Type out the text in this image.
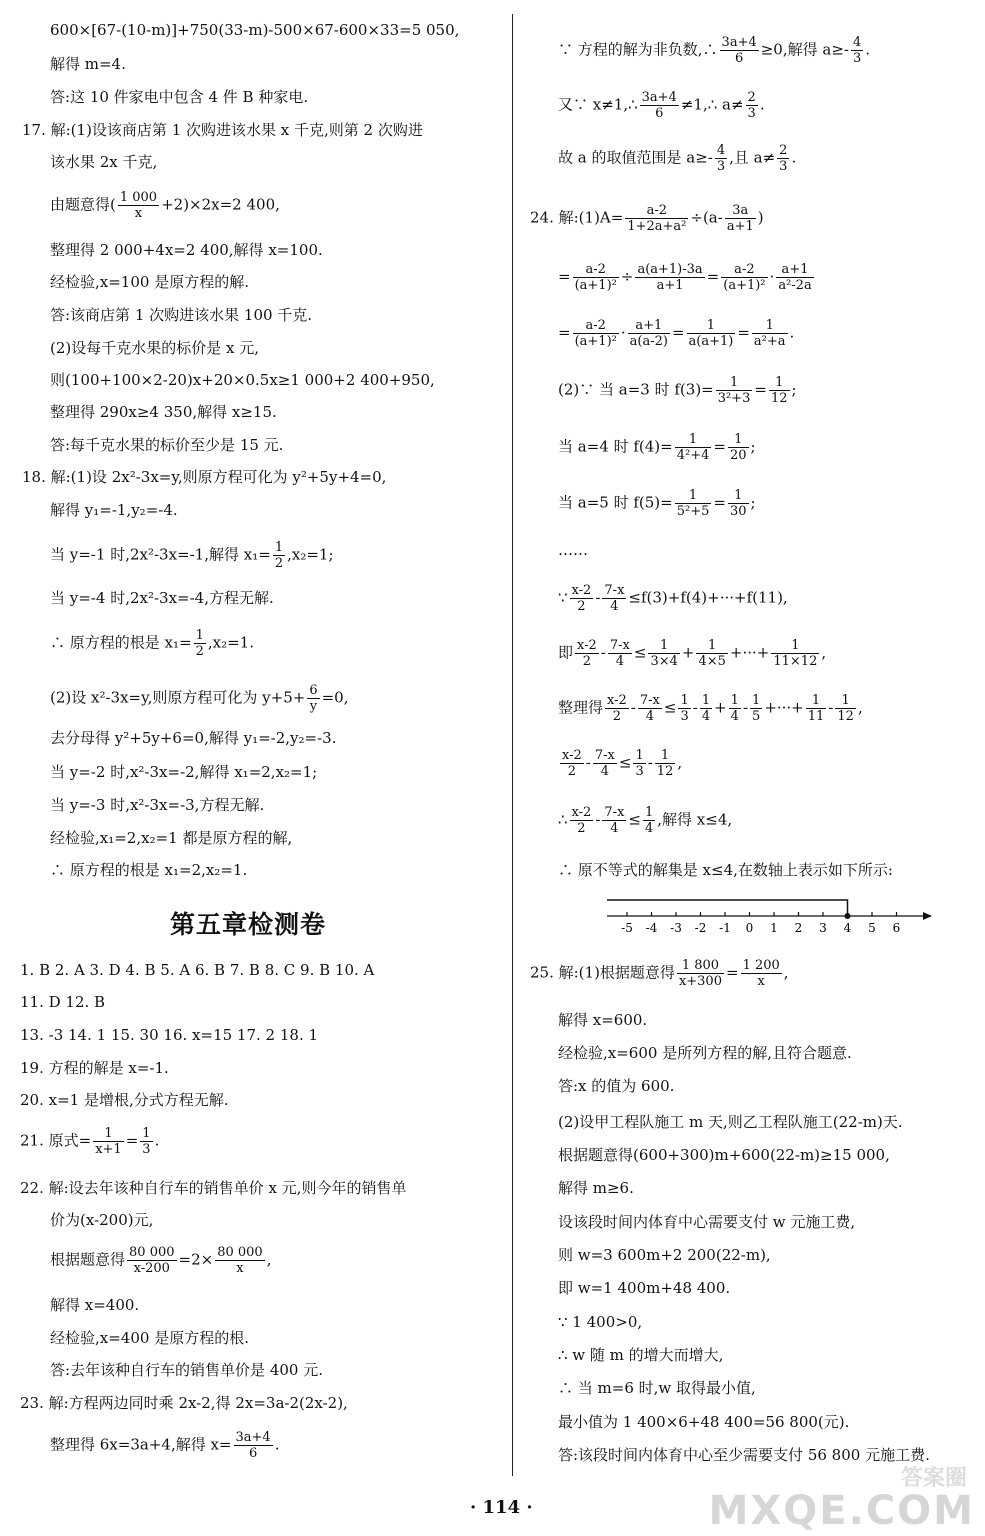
600×[67-(10-m)]+750(33-m)-500×67-600×33=5 050,
解得 m=4.
答:这 10 件家电中包含 4 件 B 种家电.
17. 解:(1)设该商店第 1 次购进该水果 x 千克,则第 2 次购进
该水果 2x 千克,
由题意得( $\frac{1 000}{x} +2)\times 2x=2$ 400,
整理得 2 000+4x=2 400,解得 x=100.
经检验,x=100 是原方程的解.
答:该商店第 1 次购进该水果 100 千克.
(2)设每千克水果的标价是 x 元,
则(100+100×2-20)x+20×0.5x≥1 000+2 400+950,
整理得 290x≥4 350,解得 x≥15.
答:每千克水果的标价至少是 15 元.
18. 解:(1)设 2x²-3x=y,则原方程可化为 y²+5y+4=0,
解得 y₁=-1,y₂=-4.
当 y=-1 时,2x²-3x=-1,解得 $x_1= \frac{1}{2} ,x_2=1$;
当 y=-4 时,2x²-3x=-4,方程无解.
∴ 原方程的根是 $x_1= \frac{1}{2} ,x_2=1$.
(2)设 x²-3x=y,则原方程可化为 $y+5+ \frac{6}{y} =0$,
去分母得 y²+5y+6=0,解得 y₁=-2,y₂=-3.
当 y=-2 时,x²-3x=-2,解得 x₁=2,x₂=1;
当 y=-3 时,x²-3x=-3,方程无解.
经检验,x₁=2,x₂=1 都是原方程的解,
∴ 原方程的根是 x₁=2,x₂=1.
第五章检测卷
1. B 2. A 3. D 4. B 5. A 6. B 7. B 8. C 9. B 10. A
11. D 12. B
13. -3 14. 1 15. 30 16. x=15 17. 2 18. 1
19. 方程的解是 x=-1.
20. x=1 是增根,分式方程无解.
21. 原式= $\frac{1}{x+1} = \frac{1}{3}$ .
22. 解:设去年该种自行车的销售单价 x 元,则今年的销售单
价为(x-200)元,
根据题意得 $\frac{80 000}{x-200} =2\times \frac{80 000}{x}$ ,
解得 x=400.
经检验,x=400 是原方程的根.
答:去年该种自行车的销售单价是 400 元.
23. 解:方程两边同时乘 2x-2,得 2x=3a-2(2x-2),
整理得 6x=3a+4,解得 $x= \frac{3a+4}{6}$ .
∵ 方程的解为非负数,∴ $\frac{3a+4}{6} \ge 0$,解得 $a\ge- \frac{4}{3}$ .
又∵ x≠1,∴ $\frac{3a+4}{6}$ ≠1,∴ $a\ne \frac{2}{3}$ .
故 a 的取值范围是 $a\ge- \frac{4}{3}$ ,且 $a\ne \frac{2}{3}$ .
24. 解:(1)A= $\frac{a-2}{\text{1+2a+a²}} \div(a- \frac{3a}{a+1}$ )
= $\frac{a-2}{\text{(a+1)²}} \div \frac{a(a+1)-3a}{a+1} = \frac{a-2}{\text{(a+1)²}} \cdot \frac{a+1}{\text{a²-2a}}$
= $\frac{a-2}{\text{(a+1)²}} \cdot \frac{a+1}{a(a-2)} = \frac{1}{a(a+1)} = \frac{1}{\text{a²+a}}$ .
(2)∵ 当 a=3 时 $f(3)= \frac{1}{\text{3²+3}} = \frac{1}{12}$ ;
当 a=4 时 $f(4)= \frac{1}{\text{4²+4}} = \frac{1}{20}$ ;
当 a=5 时 $f(5)= \frac{1}{\text{5²+5}} = \frac{1}{30}$ ;
……
∵ $\frac{x-2}{2} - \frac{7-x}{4} \le f(3)+f(4)+\cdot\cdot\cdot+f(11)$,
即 $\frac{x-2}{2} - \frac{7-x}{4} \le \frac{1}{3\times 4} + \frac{1}{4\times 5}$ +···+ $\frac{1}{11\times 12}$ ,
整理得 $\frac{x-2}{2} - \frac{7-x}{4} \le \frac{1}{3} - \frac{1}{4} + \frac{1}{4} - \frac{1}{5}$ +···+ $\frac{1}{11} - \frac{1}{12}$ ,
$\frac{x-2}{2} - \frac{7-x}{4} \le \frac{1}{3} - \frac{1}{12}$ ,
∴ $\frac{x-2}{2} - \frac{7-x}{4} \le \frac{1}{4}$ ,解得 x≤4,
∴ 原不等式的解集是 x≤4,在数轴上表示如下所示:
-5 -4 -3 -2 -1 0 1 2 3 4 5 6
25. 解:(1)根据题意得 $\frac{1 800}{x+300} = \frac{1 200}{x}$ ,
解得 x=600.
经检验,x=600 是所列方程的解,且符合题意.
答:x 的值为 600.
(2)设甲工程队施工 m 天,则乙工程队施工(22-m)天.
根据题意得(600+300)m+600(22-m)≥15 000,
解得 m≥6.
设该段时间内体育中心需要支付 w 元施工费,
则 w=3 600m+2 200(22-m),
即 w=1 400m+48 400.
∵ 1 400>0,
∴ w 随 m 的增大而增大,
∴ 当 m=6 时,w 取得最小值,
最小值为 1 400×6+48 400=56 800(元).
答:该段时间内体育中心至少需要支付 56 800 元施工费.
· 114 ·
答案圈
MXQE.COM
